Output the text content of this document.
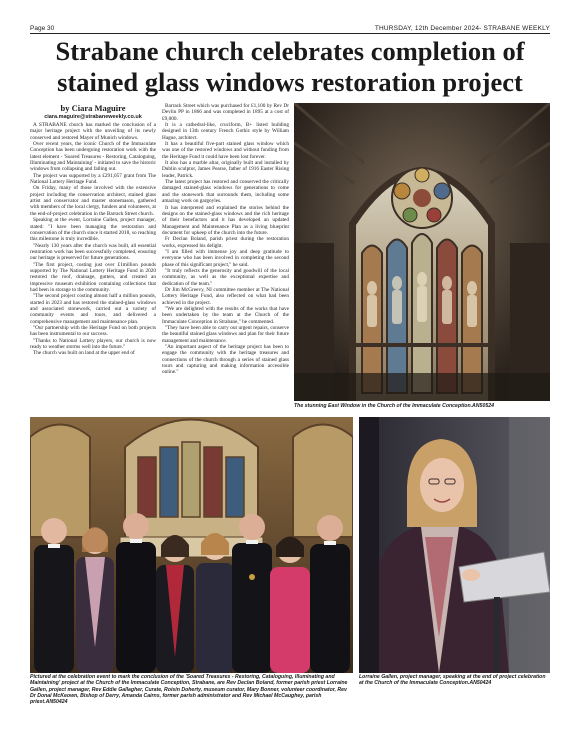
Page 30	THURSDAY, 12th December 2024- STRABANE WEEKLY
Strabane church celebrates completion of
stained glass windows restoration project
by Ciara Maguire
ciara.maguire@strabaneweekly.co.uk

A STRABANE church has marked the conclusion of a major heritage project with the unveiling of its newly conserved and restored Mayer of Munich windows.

Over recent years, the iconic Church of the Immaculate Conception has been undergoing restoration work with the latest element - 'Soared Treasures - Restoring, Cataloguing, Illuminating and Maintaining' - initiated to save the historic windows from collapsing and falling out.

The project was supported by a £291,057 grant from The National Lottery Heritage Fund.

On Friday, many of those involved with the extensive project including the conservation architect, stained glass artist and conservator and master stonemason, gathered with members of the local clergy, funders and volunteers, at the end-of-project celebration in the Barrack Street church.

Speaking at the event, Lorraine Gallen, project manager, stated: "I have been managing the restoration and conservation of the church since it started 2018, so reaching this milestone is truly incredible.

"Nearly 130 years after the church was built, all essential restoration work has been successfully completed, ensuring our heritage is preserved for future generations.

"The first project, costing just over £1million pounds supported by The National Lottery Heritage Fund in 2020 restored the roof, drainage, gutters, and created an impressive museum exhibition containing collections that had been in storage to the community.

"The second project costing almost half a million pounds, started in 2023 and has restored the stained-glass windows and associated stonework, carried out a variety of community events and tours, and delivered a comprehensive management and maintenance plan.

"Our partnership with the Heritage Fund on both projects has been instrumental to our success.

"Thanks to National Lottery players, our church is now ready to weather storms well into the future."

The church was built on land at the upper end of

Barrack Street which was purchased for £1,100 by Rev Dr Devlin PP in 1866 and was completed in 1895 at a cost of £9,000.

It is a cathedral-like, cruciform, B+ listed building designed in 13th century French Gothic style by William Hague, architect.

It has a beautiful five-part stained glass window which was one of the restored windows and without funding from the Heritage Fund it could have been lost forever.

It also has a marble altar, originally built and installed by Dublin sculptor, James Pearse, father of 1916 Easter Rising leader, Patrick.

The latest project has restored and conserved the critically damaged stained-glass windows for generations to come and the stonework that surrounds them, including some amazing work on gargoyles.

It has interpreted and explained the stories behind the designs on the stained-glass windows and the rich heritage of their benefactors and it has developed an updated Management and Maintenance Plan as a living blueprint document for upkeep of the church into the future.

Fr Declan Boland, parish priest during the restoration works, expressed his delight.

"I am filled with immense joy and deep gratitude to everyone who has been involved in completing the second phase of this significant project," he said.

"It truly reflects the generosity and goodwill of the local community, as well as the exceptional expertise and dedication of the team."

Dr Jim McGreevy, NI committee member at The National Lottery Heritage Fund, also reflected on what had been achieved in the project.

"We are delighted with the results of the works that have been undertaken by the team at the Church of the Immaculate Conception in Strabane," he commented.

"They have been able to carry out urgent repairs, conserve the beautiful stained glass windows and plan for their future management and maintenance.

"An important aspect of the heritage project has been to engage the community with the heritage treasures and connections of the church through a series of stained glass tours and capturing and making information accessible online."

The stunning East Window in the Church of the Immaculate Conception.AN50524
Pictured at the celebration event to mark the conclusion of the 'Soared Treasures - Restoring, Cataloguing, Illuminating and Maintaining' project at the Church of the Immaculate Conception, Strabane, are Rev Declan Boland, former parish priest Lorraine Gallen, project manager, Rev Eddie Gallagher, Curate, Roisin Doherty, museum curator, Mary Bonner, volunteer coordinator, Rev Dr Donal McKeown, Bishop of Derry, Amanda Cairns, former parish administrator and Rev Michael McCaughey, parish priest.AN50424
Lorraine Gallen, project manager, speaking at the end of project celebration at the Church of the Immaculate Conception.AN50424
